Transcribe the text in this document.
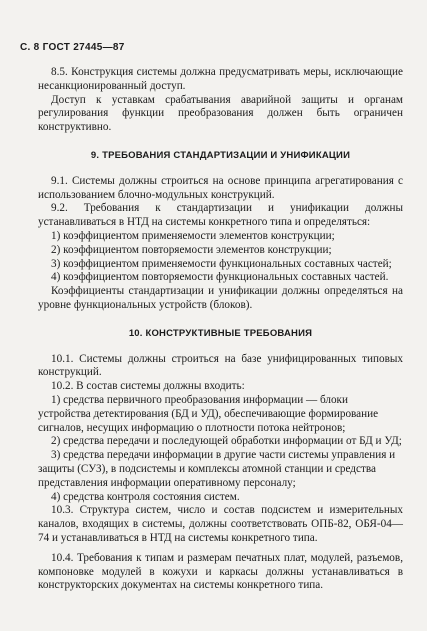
С. 8 ГОСТ 27445—87

8.5. Конструкция системы должна предусматривать меры, исключающие несанкционированный доступ.

Доступ к уставкам срабатывания аварийной защиты и органам регулирования функции преобразования должен быть ограничен конструктивно.

9. ТРЕБОВАНИЯ СТАНДАРТИЗАЦИИ И УНИФИКАЦИИ

9.1. Системы должны строиться на основе принципа агрегатирования с использованием блочно-модульных конструкций.

9.2. Требования к стандартизации и унификации должны устанавливаться в НТД на системы конкретного типа и определяться:

1) коэффициентом применяемости элементов конструкции;

2) коэффициентом повторяемости элементов конструкции;

3) коэффициентом применяемости функциональных составных частей;

4) коэффициентом повторяемости функциональных составных частей.

Коэффициенты стандартизации и унификации должны определяться на уровне функциональных устройств (блоков).

10. КОНСТРУКТИВНЫЕ ТРЕБОВАНИЯ

10.1. Системы должны строиться на базе унифицированных типовых конструкций.

10.2. В состав системы должны входить:

1) средства первичного преобразования информации — блоки устройства детектирования (БД и УД), обеспечивающие формирование сигналов, несущих информацию о плотности потока нейтронов;

2) средства передачи и последующей обработки информации от БД и УД;

3) средства передачи информации в другие части системы управления и защиты (СУЗ), в подсистемы и комплексы атомной станции и средства представления информации оперативному персоналу;

4) средства контроля состояния систем.

10.3. Структура систем, число и состав подсистем и измерительных каналов, входящих в системы, должны соответствовать ОПБ-82, ОБЯ-04—74 и устанавливаться в НТД на системы конкретного типа.

10.4. Требования к типам и размерам печатных плат, модулей, разъемов, компоновке модулей в кожухи и каркасы должны устанавливаться в конструкторских документах на системы конкретного типа.
